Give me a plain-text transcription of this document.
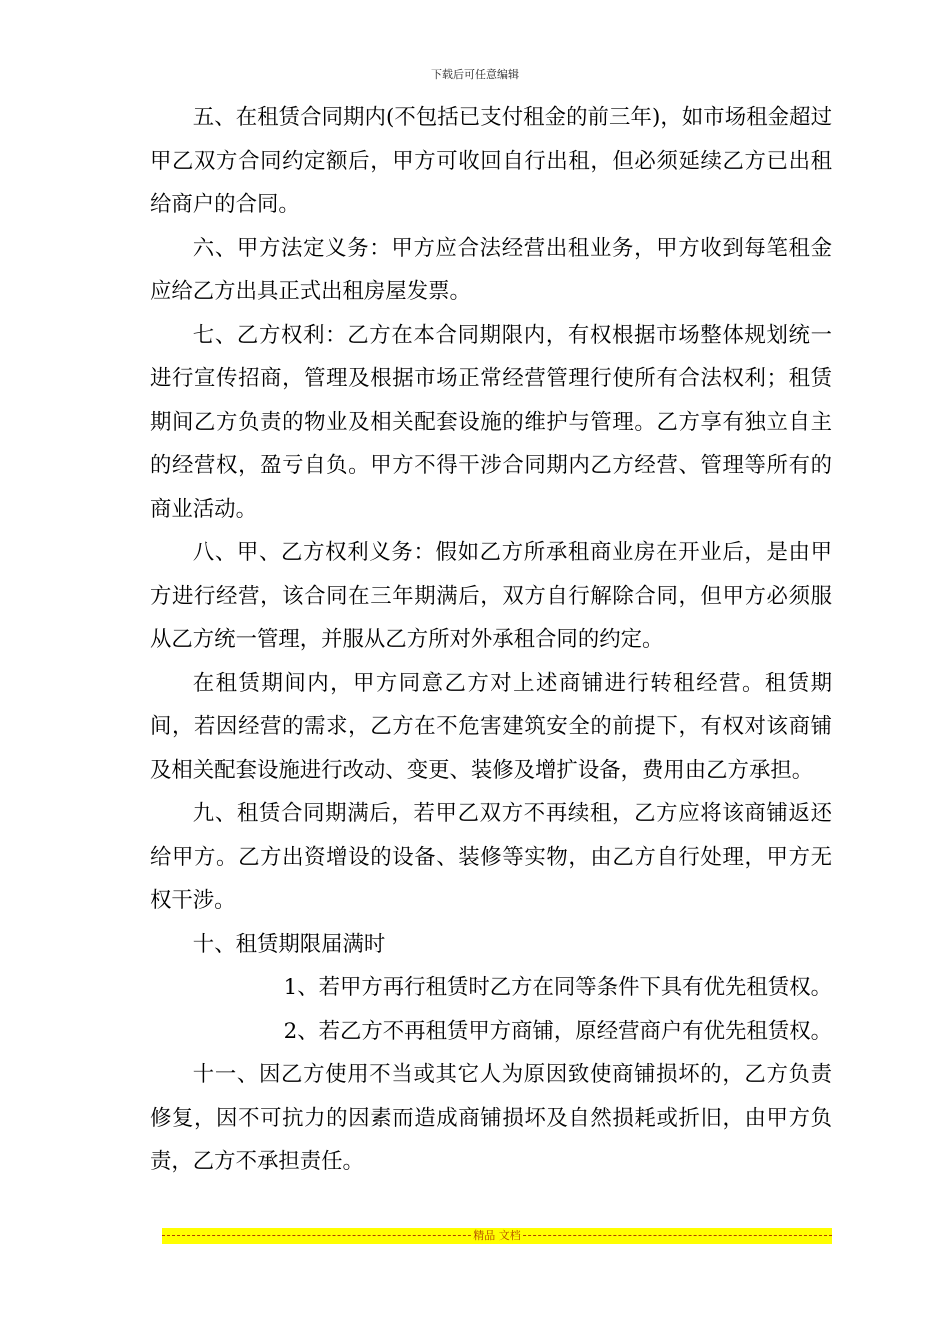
下载后可任意编辑

五、在租赁合同期内(不包括已支付租金的前三年)，如市场租金超过甲乙双方合同约定额后，甲方可收回自行出租，但必须延续乙方已出租给商户的合同。

六、甲方法定义务：甲方应合法经营出租业务，甲方收到每笔租金应给乙方出具正式出租房屋发票。

七、乙方权利：乙方在本合同期限内，有权根据市场整体规划统一进行宣传招商，管理及根据市场正常经营管理行使所有合法权利；租赁期间乙方负责的物业及相关配套设施的维护与管理。乙方享有独立自主的经营权，盈亏自负。甲方不得干涉合同期内乙方经营、管理等所有的商业活动。

八、甲、乙方权利义务：假如乙方所承租商业房在开业后，是由甲方进行经营，该合同在三年期满后，双方自行解除合同，但甲方必须服从乙方统一管理，并服从乙方所对外承租合同的约定。

在租赁期间内，甲方同意乙方对上述商铺进行转租经营。租赁期间，若因经营的需求，乙方在不危害建筑安全的前提下，有权对该商铺及相关配套设施进行改动、变更、装修及增扩设备，费用由乙方承担。

九、租赁合同期满后，若甲乙双方不再续租，乙方应将该商铺返还给甲方。乙方出资增设的设备、装修等实物，由乙方自行处理，甲方无权干涉。

十、租赁期限届满时

1、若甲方再行租赁时乙方在同等条件下具有优先租赁权。

2、若乙方不再租赁甲方商铺，原经营商户有优先租赁权。

十一、因乙方使用不当或其它人为原因致使商铺损坏的，乙方负责修复，因不可抗力的因素而造成商铺损坏及自然损耗或折旧，由甲方负责，乙方不承担责任。

精品 文档
